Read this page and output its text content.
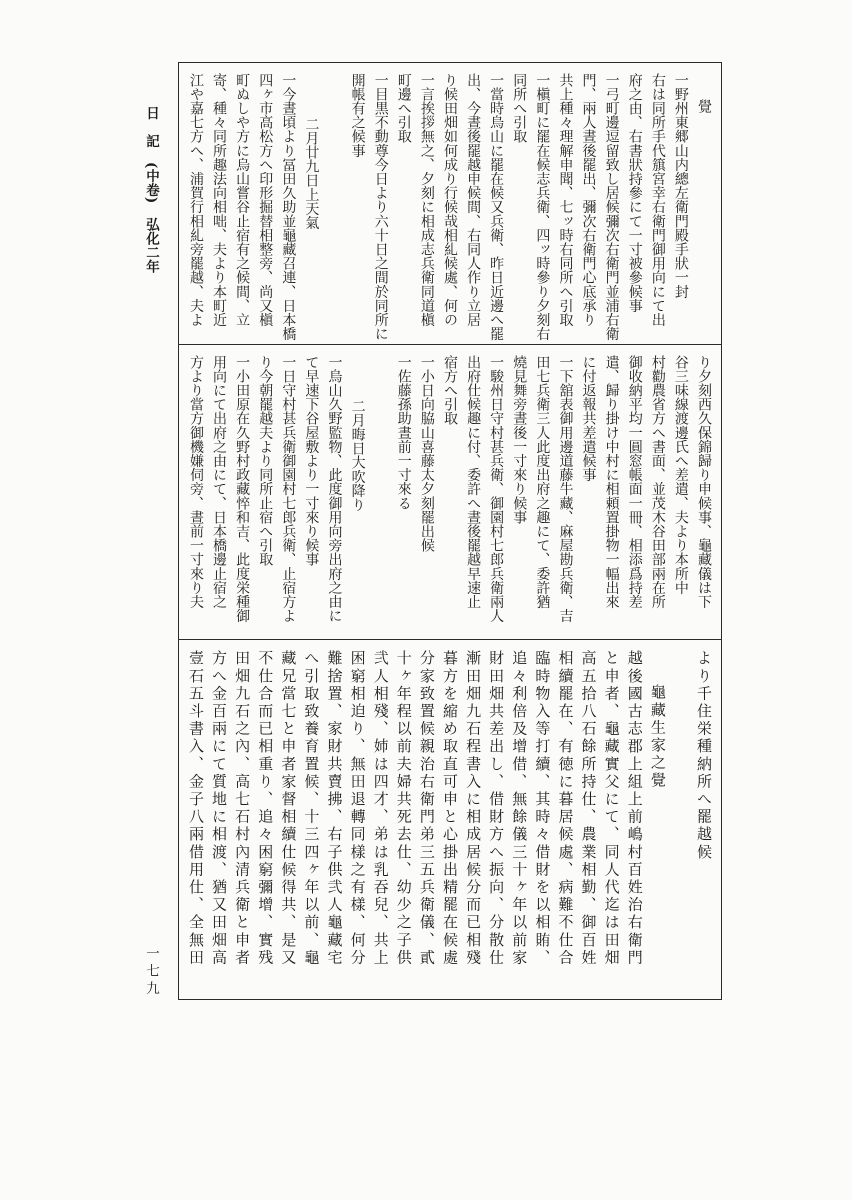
日　記　(中卷)　弘化二年
一七九
覺
一野州東郷山内總左衛門殿手狀一封
右は同所手代簱宮幸右衛門御用向にて出
府之由、右書狀持參にて一寸被參候事
一弓町邊逗留致し居候彌次右衛門並浦右衛
門、兩人晝後罷出、彌次右衛門心底承り
共上種々理解申聞、七ッ時右同所へ引取
一槇町に罷在候志兵衛、四ッ時參り夕刻右
同所へ引取
一當時烏山に罷在候又兵衛、昨日近邊へ罷
出、今晝後罷越申候間、右同人作り立居
り候田畑如何成り行候哉相糺候處、何の
一言挨拶無之、夕刻に相成志兵衛同道槇
町邊へ引取
一目黒不動尊今日より六十日之間於同所に
開帳有之候事
二月廿九日上天氣
一今晝頃より冨田久助並龜藏召連、日本橋
四ヶ市高松方へ印形掘替相整旁、尚又槇
町ぬしや方に烏山嘗谷止宿有之候間、立
寄、種々同所趣法向相咄、夫より本町近
江や嘉七方へ、浦賀行相糺旁罷越、夫よ
り夕刻西久保錦歸り申候事、龜藏儀は下
谷三味線渡邊氏へ差遣、夫より本所中
村勸農省方へ書面、並茂木谷田部兩在所
御收納平均一圓窓帳面一冊、相添爲持差
遣、歸り掛け中村に相頼置掛物一幅出來
に付返報共差遣候事
一下舘表御用邊道藤牛藏、麻屋勘兵衛、吉
田七兵衛三人此度出府之趣にて、委許猶
燒見舞旁晝後一寸來り候事
一駿州日守村甚兵衛、御園村七郎兵衛兩人
出府仕候趣に付、委許へ晝後罷越早速止
宿方へ引取
一小日向脇山喜藤太夕刻罷出候
一佐藤孫助晝前一寸來る
二月晦日大吹降り
一烏山久野監物、此度御用向旁出府之由に
て早速下谷屋敷より一寸來り候事
一日守村甚兵衛御園村七郎兵衛、止宿方よ
り今朝罷越夫より同所止宿へ引取
一小田原在久野村政藏悴和吉、此度栄種御
用向にて出府之由にて、日本橋邊止宿之
方より當方御機嫌伺旁、晝前一寸來り夫
より千住栄種納所へ罷越候
龜藏生家之覺
越後國古志郡上組上前嶋村百姓治右衛門
と申者、龜藏實父にて、同人代迄は田畑
高五拾八石餘所持仕、農業相勤、御百姓
相續罷在、有徳に暮居候處、病難不仕合
臨時物入等打續、其時々借財を以相賄、
追々利倍及增借、無餘儀三十ヶ年以前家
財田畑共差出し、借財方へ振向、分散仕
漸田畑九石程書入に相成居候分而已相殘
暮方を縮め取直可申と心掛出精罷在候處
分家致置候親治右衛門弟三五兵衛儀、貳
十ヶ年程以前夫婦共死去仕、幼少之子供
弐人相殘、姉は四才、弟は乳吞兒、共上
困窮相迫り、無田退轉同樣之有樣、何分
難捨置、家財共賣拂、右子供弐人龜藏宅
へ引取致養育置候、十三四ヶ年以前、龜
藏兄當七と申者家督相續仕候得共、是又
不仕合而已相重り、追々困窮彌增、實残
田畑九石之內、高七石村內清兵衛と申者
方へ金百兩にて質地に相渡、猶又田畑高
壹石五斗書入、金子八兩借用仕、全無田
